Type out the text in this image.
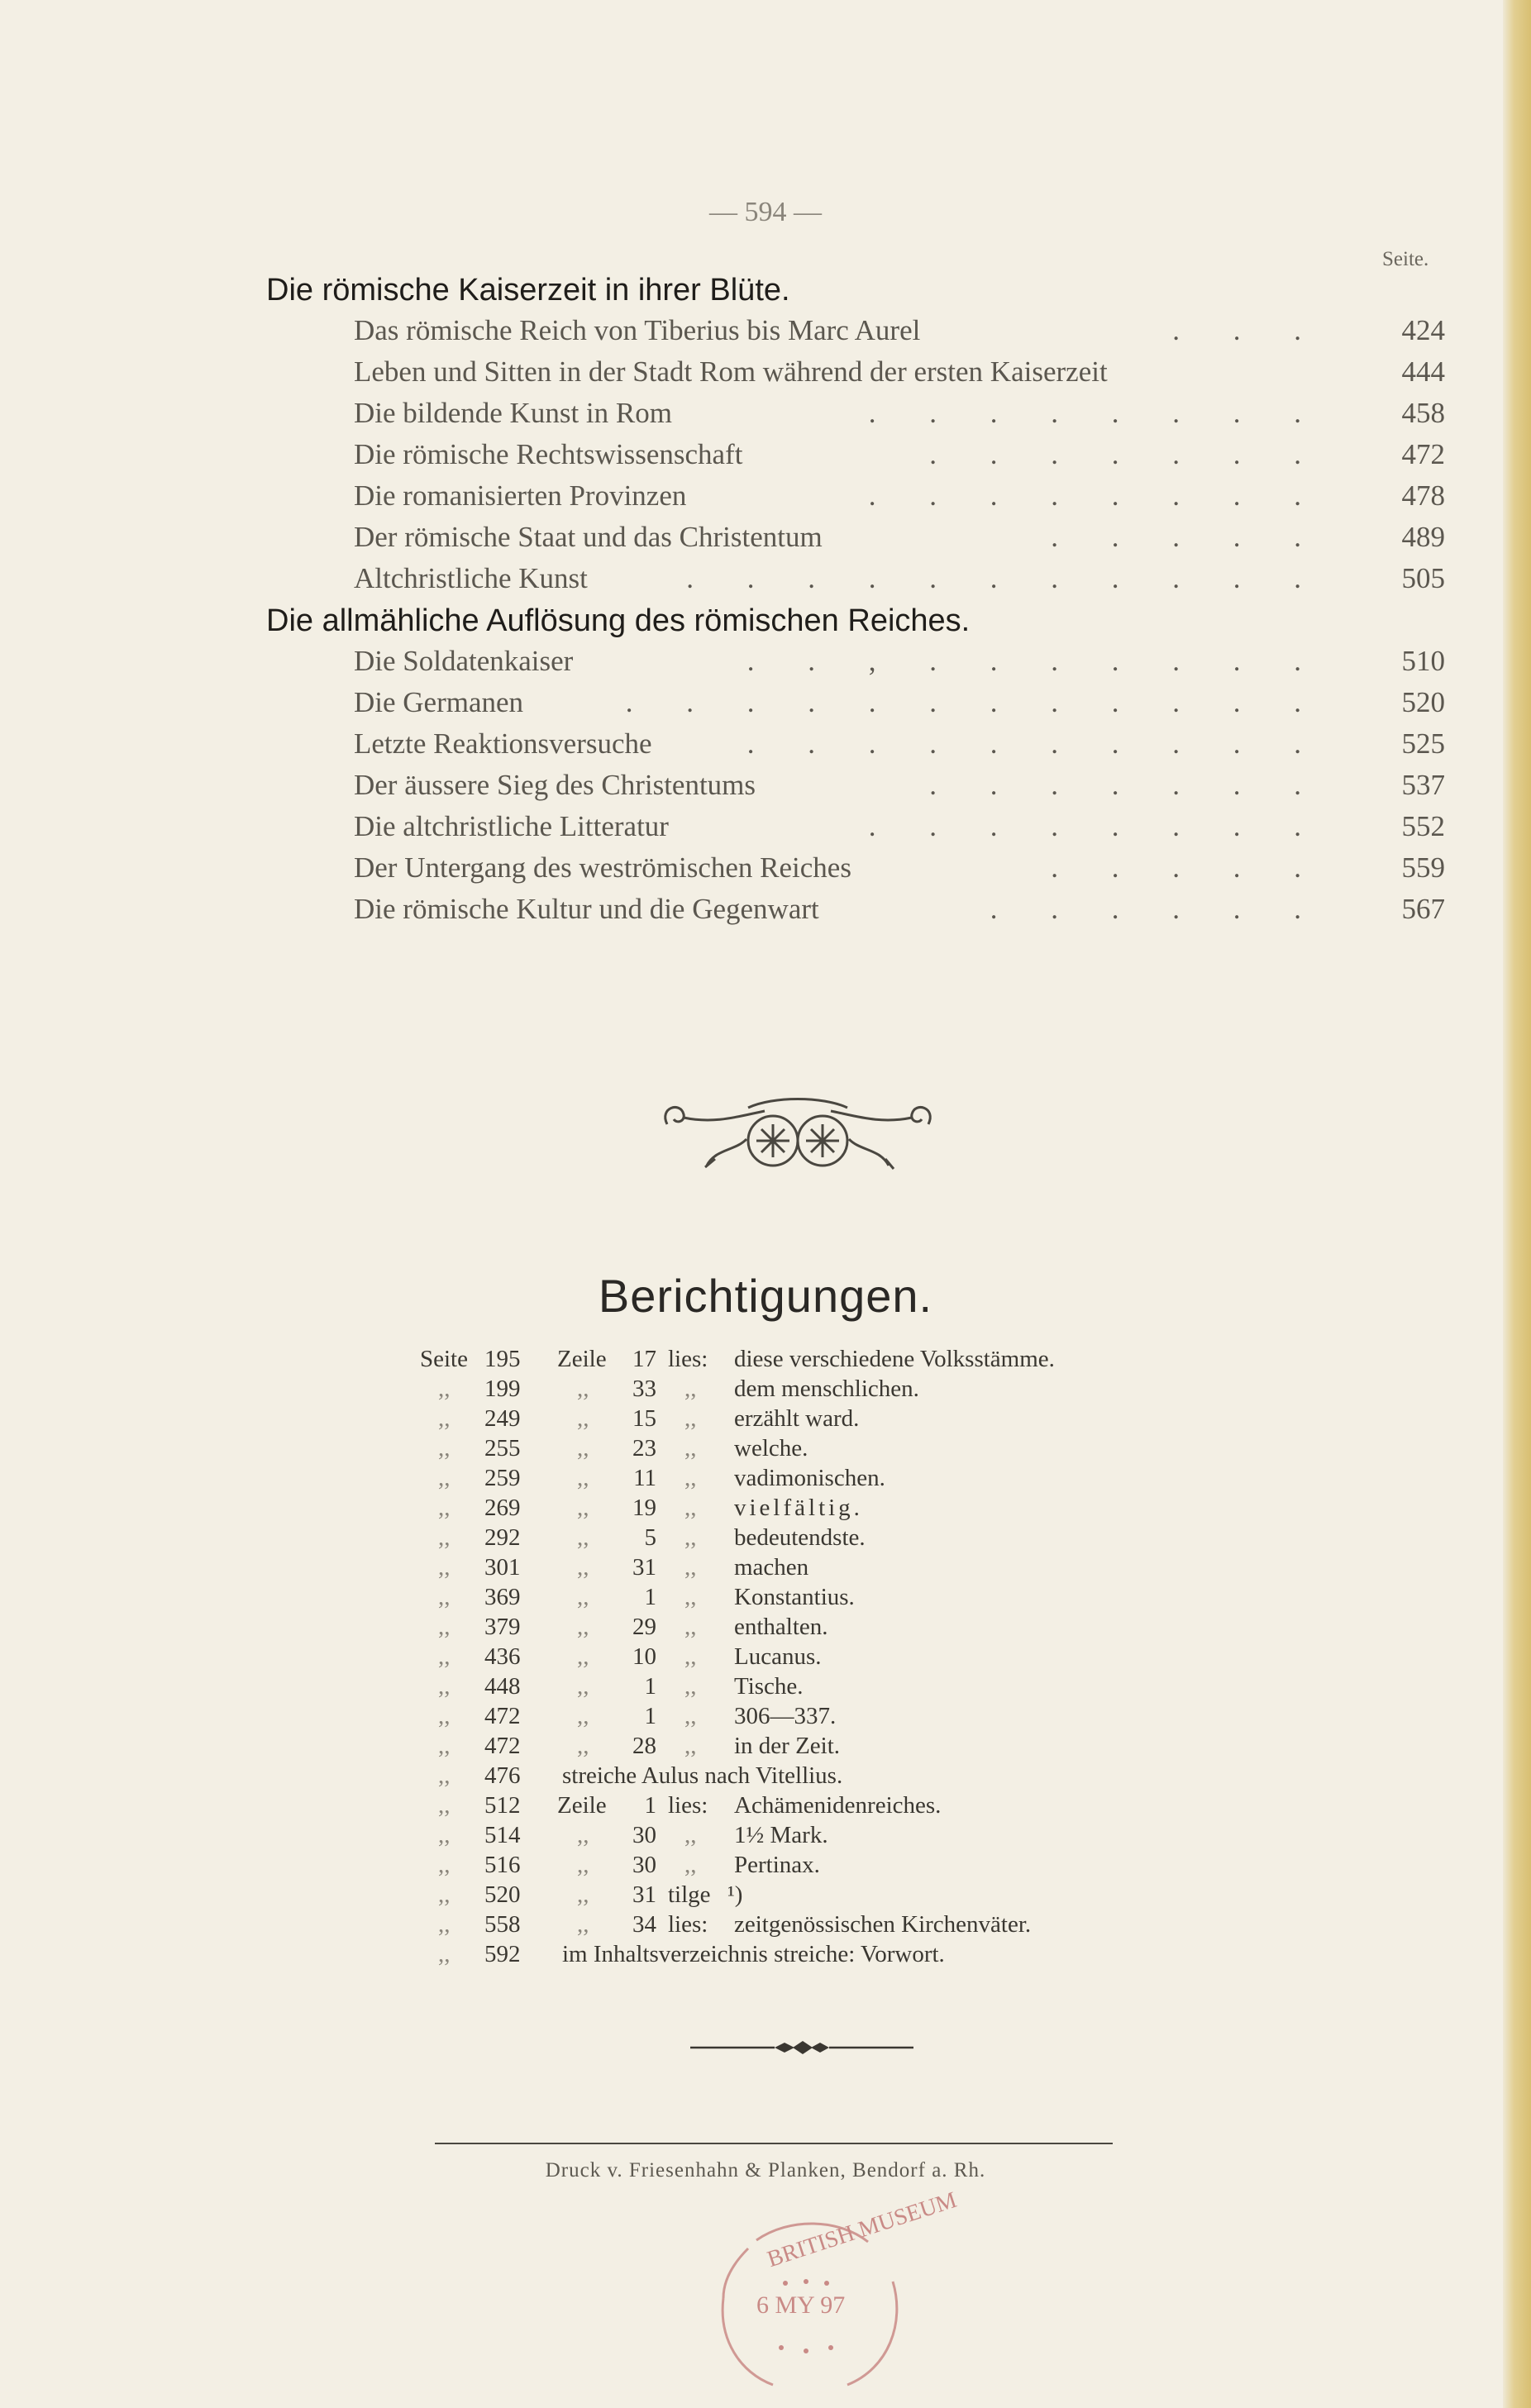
— 594 —
Seite.
Die römische Kaiserzeit in ihrer Blüte.
Das römische Reich von Tiberius bis Marc Aurel	. . .	424
Leben und Sitten in der Stadt Rom während der ersten Kaiserzeit	444
Die bildende Kunst in Rom	. . . . . . . .	458
Die römische Rechtswissenschaft	. . . . . . .	472
Die romanisierten Provinzen	. . . . . . . .	478
Der römische Staat und das Christentum	. . . . .	489
Altchristliche Kunst	. . . . . . . . . . .	505
Die allmähliche Auflösung des römischen Reiches.
Die Soldatenkaiser	. . , . . . . . . .	510
Die Germanen	. . . . . . . . . . . .	520
Letzte Reaktionsversuche	. . . . . . . . . .	525
Der äussere Sieg des Christentums	. . . . . . .	537
Die altchristliche Litteratur	. . . . . . . .	552
Der Untergang des weströmischen Reiches	. . . . .	559
Die römische Kultur und die Gegenwart	. . . . . .	567
Berichtigungen.
Seite 195 Zeile 17 lies: diese verschiedene Volksstämme.
,, 199 ,, 33 ,, dem menschlichen.
,, 249 ,, 15 ,, erzählt ward.
,, 255 ,, 23 ,, welche.
,, 259 ,, 11 ,, vadimonischen.
,, 269 ,, 19 ,, vielfältig.
,, 292 ,,	5 ,, bedeutendste.
,, 301 ,, 31 ,, machen
,, 369 ,,	1 ,, Konstantius.
,, 379 ,, 29 ,, enthalten.
,, 436 ,, 10 ,, Lucanus.
,, 448 ,,	1 ,, Tische.
,, 472 ,,	1 ,, 306—337.
,, 472 ,, 28 ,, in der Zeit.
,, 476 streiche Aulus nach Vitellius.
,, 512 Zeile	1 lies: Achämenidenreiches.
,, 514 ,, 30 ,, 1½ Mark.
,, 516 ,, 30 ,, Pertinax.
,, 520 ,, 31 tilge ¹)
,, 558 ,, 34 lies: zeitgenössischen Kirchenväter.
,, 592 im Inhaltsverzeichnis streiche: Vorwort.
Druck v. Friesenhahn & Planken, Bendorf a. Rh.
BRITISH MUSEUM
6 MY 97
